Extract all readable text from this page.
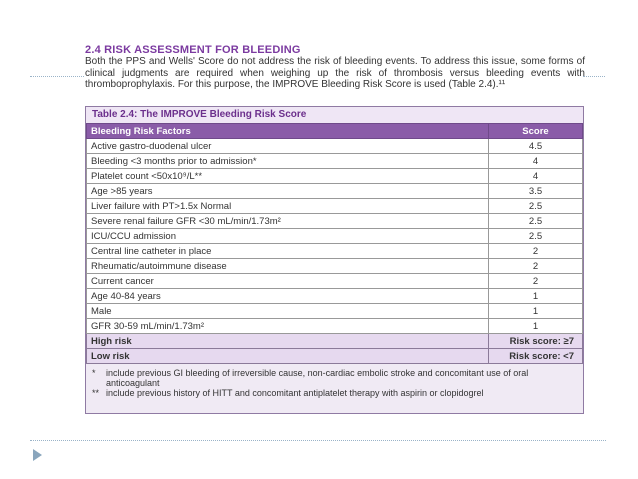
2.4 RISK ASSESSMENT FOR BLEEDING
Both the PPS and Wells' Score do not address the risk of bleeding events. To address this issue, some forms of clinical judgments are required when weighing up the risk of thrombosis versus bleeding events with thromboprophylaxis. For this purpose, the IMPROVE Bleeding Risk Score is used (Table 2.4).¹¹
Table 2.4: The IMPROVE Bleeding Risk Score
Bleeding Risk Factors	Score
Active gastro-duodenal ulcer	4.5
Bleeding <3 months prior to admission*	4
Platelet count <50x10⁹/L**	4
Age >85 years	3.5
Liver failure with PT>1.5x Normal	2.5
Severe renal failure GFR <30 mL/min/1.73m²	2.5
ICU/CCU admission	2.5
Central line catheter in place	2
Rheumatic/autoimmune disease	2
Current cancer	2
Age 40-84 years	1
Male	1
GFR 30-59 mL/min/1.73m²	1
High risk	Risk score: ≥7
Low risk	Risk score: <7
*	include previous GI bleeding of irreversible cause, non-cardiac embolic stroke and concomitant use of oral anticoagulant
** include previous history of HITT and concomitant antiplatelet therapy with aspirin or clopidogrel
